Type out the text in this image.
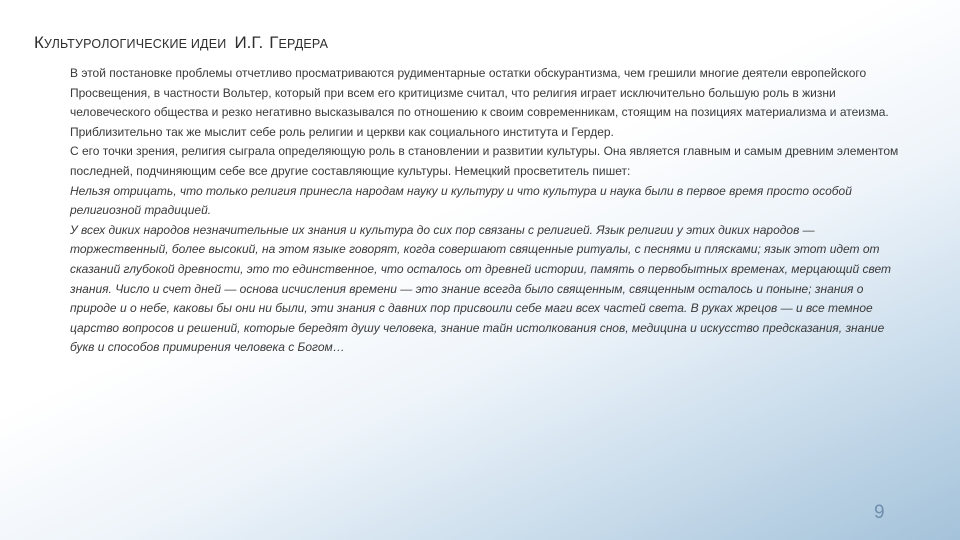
КУЛЬТУРОЛОГИЧЕСКИЕ ИДЕИ И.Г. ГЕРДЕРА

В этой постановке проблемы отчетливо просматриваются рудиментарные остатки обскурантизма, чем грешили многие деятели европейского Просвещения, в частности Вольтер, который при всем его критицизме считал, что религия играет исключительно большую роль в жизни человеческого общества и резко негативно высказывался по отношению к своим современникам, стоящим на позициях материализма и атеизма. Приблизительно так же мыслит себе роль религии и церкви как социального института и Гердер.

С его точки зрения, религия сыграла определяющую роль в становлении и развитии культуры. Она является главным и самым древним элементом последней, подчиняющим себе все другие составляющие культуры. Немецкий просветитель пишет:

Нельзя отрицать, что только религия принесла народам науку и культуру и что культура и наука были в первое время просто особой религиозной традицией.

У всех диких народов незначительные их знания и культура до сих пор связаны с религией. Язык религии у этих диких народов — торжественный, более высокий, на этом языке говорят, когда совершают священные ритуалы, с песнями и плясками; язык этот идет от сказаний глубокой древности, это то единственное, что осталось от древней истории, память о первобытных временах, мерцающий свет знания. Число и счет дней — основа исчисления времени — это знание всегда было священным, священным осталось и поныне; знания о природе и о небе, каковы бы они ни были, эти знания с давних пор присвоили себе маги всех частей света. В руках жрецов — и все темное царство вопросов и решений, которые бередят душу человека, знание тайн истолкования снов, медицина и искусство предсказания, знание букв и способов примирения человека с Богом…

9
